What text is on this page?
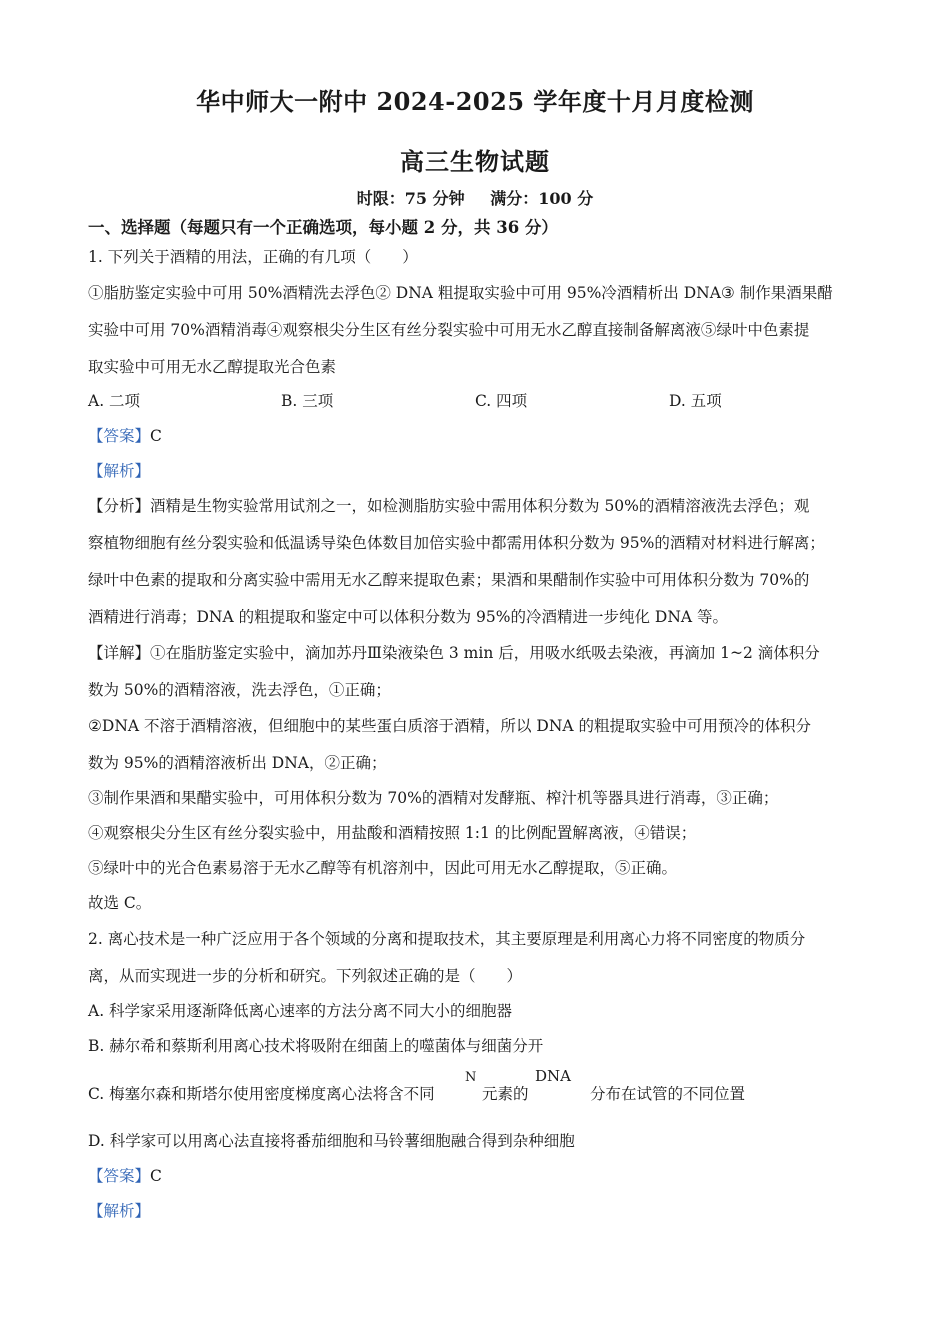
华中师大一附中 2024-2025 学年度十月月度检测
高三生物试题
时限：75 分钟 满分：100 分
一、选择题（每题只有一个正确选项，每小题 2 分，共 36 分）
1. 下列关于酒精的用法，正确的有几项（　　）
①脂肪鉴定实验中可用 50%酒精洗去浮色② DNA 粗提取实验中可用 95%冷酒精析出 DNA③ 制作果酒果醋
实验中可用 70%酒精消毒④观察根尖分生区有丝分裂实验中可用无水乙醇直接制备解离液⑤绿叶中色素提
取实验中可用无水乙醇提取光合色素
A. 二项	B. 三项	C. 四项	D. 五项
【答案】C
【解析】
【分析】酒精是生物实验常用试剂之一，如检测脂肪实验中需用体积分数为 50%的酒精溶液洗去浮色；观
察植物细胞有丝分裂实验和低温诱导染色体数目加倍实验中都需用体积分数为 95%的酒精对材料进行解离；
绿叶中色素的提取和分离实验中需用无水乙醇来提取色素；果酒和果醋制作实验中可用体积分数为 70%的
酒精进行消毒；DNA 的粗提取和鉴定中可以体积分数为 95%的冷酒精进一步纯化 DNA 等。
【详解】①在脂肪鉴定实验中，滴加苏丹Ⅲ染液染色 3 min 后，用吸水纸吸去染液，再滴加 1~2 滴体积分
数为 50%的酒精溶液，洗去浮色，①正确；
②DNA 不溶于酒精溶液，但细胞中的某些蛋白质溶于酒精，所以 DNA 的粗提取实验中可用预冷的体积分
数为 95%的酒精溶液析出 DNA，②正确；
③制作果酒和果醋实验中，可用体积分数为 70%的酒精对发酵瓶、榨汁机等器具进行消毒，③正确；
④观察根尖分生区有丝分裂实验中，用盐酸和酒精按照 1:1 的比例配置解离液，④错误；
⑤绿叶中的光合色素易溶于无水乙醇等有机溶剂中，因此可用无水乙醇提取，⑤正确。
故选 C。
2. 离心技术是一种广泛应用于各个领域的分离和提取技术，其主要原理是利用离心力将不同密度的物质分
离，从而实现进一步的分析和研究。下列叙述正确的是（　　）
A. 科学家采用逐渐降低离心速率的方法分离不同大小的细胞器
B. 赫尔希和蔡斯利用离心技术将吸附在细菌上的噬菌体与细菌分开
C. 梅塞尔森和斯塔尔使用密度梯度离心法将含不同
N
元素的
DNA
分布在试管的不同位置
D. 科学家可以用离心法直接将番茄细胞和马铃薯细胞融合得到杂种细胞
【答案】C
【解析】
